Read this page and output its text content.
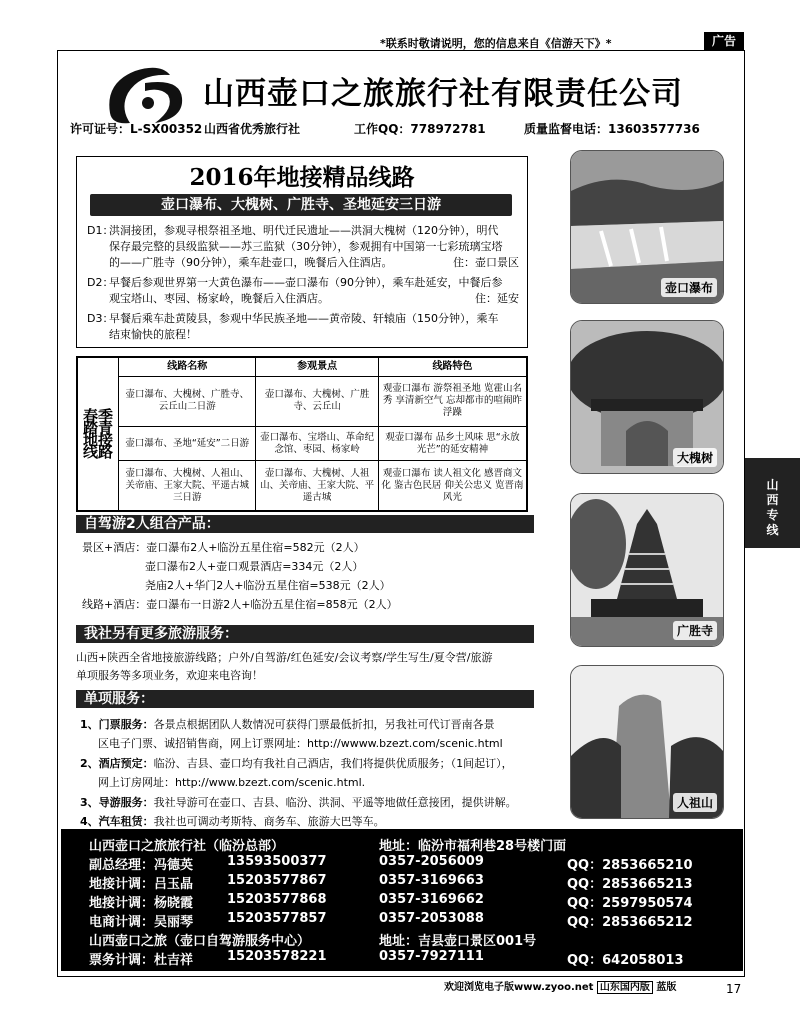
*联系时敬请说明，您的信息来自《信游天下》*	广告
山西壶口之旅旅行社有限责任公司
许可证号：L-SX00352 山西省优秀旅行社	工作QQ：778972781	质量监督电话：13603577736
2016年地接精品线路
壶口瀑布、大槐树、广胜寺、圣地延安三日游
D1：
洪洞接团，参观寻根祭祖圣地、明代迁民遗址——洪洞大槐树（120分钟），明代保存最完整的县级监狱——苏三监狱（30分钟），参观拥有中国第一七彩琉璃宝塔的——广胜寺（90分钟），乘车赴壶口，晚餐后入住酒店。	住：壶口景区
D2：
早餐后参观世界第一大黄色瀑布——壶口瀑布（90分钟），乘车赴延安，中餐后参观宝塔山、枣园、杨家岭，晚餐后入住酒店。	住：延安
D3：
早餐后乘车赴黄陵县，参观中华民族圣地——黄帝陵、轩辕庙（150分钟），乘车结束愉快的旅程！
春季踏青地接线路	线路名称	参观景点	线路特色
	壶口瀑布、大槐树、广胜寺、云丘山二日游	壶口瀑布、大槐树、广胜寺、云丘山	观壶口瀑布 游祭祖圣地 览霍山名秀 享清新空气 忘却都市的喧闹昨浮躁
	壶口瀑布、圣地“延安”二日游	壶口瀑布、宝塔山、革命纪念馆、枣园、杨家岭	观壶口瀑布 品乡土风味 思“永放光芒”的延安精神
	壶口瀑布、大槐树、人祖山、关帝庙、王家大院、平遥古城三日游	壶口瀑布、大槐树、人祖山、关帝庙、王家大院、平遥古城	观壶口瀑布 读人祖文化 感晋商文化 鉴古色民居 仰关公忠义 览晋南风光
自驾游2人组合产品：
景区+酒店：壶口瀑布2人+临汾五星住宿=582元（2人）
壶口瀑布2人+壶口观景酒店=334元（2人）
尧庙2人+华门2人+临汾五星住宿=538元（2人）
线路+酒店：壶口瀑布一日游2人+临汾五星住宿=858元（2人）
我社另有更多旅游服务：
山西+陕西全省地接旅游线路；户外/自驾游/红色延安/会议考察/学生写生/夏令营/旅游
单项服务等多项业务，欢迎来电咨询！
单项服务：
1、门票服务：各景点根据团队人数情况可获得门票最低折扣，另我社可代订晋南各景
区电子门票、诚招销售商，网上订票网址：http://wwww.bzezt.com/scenic.html
2、酒店预定：临汾、吉县、壶口均有我社自己酒店，我们将提供优质服务；（1间起订），
网上订房网址：http://www.bzezt.com/scenic.html.
3、导游服务：我社导游可在壶口、吉县、临汾、洪洞、平遥等地做任意接团，提供讲解。
4、汽车租赁：我社也可调动考斯特、商务车、旅游大巴等车。
壶口瀑布
大槐树
广胜寺
人祖山
山
西
专
线
山西壶口之旅旅行社（临汾总部）	地址：临汾市福利巷28号楼门面
副总经理：冯德英	13593500377	0357-2056009	QQ：2853665210
地接计调：吕玉晶	15203577867	0357-3169663	QQ：2853665213
地接计调：杨晓霞	15203577868	0357-3169662	QQ：2597950574
电商计调：吴丽琴	15203577857	0357-2053088	QQ：2853665212
山西壶口之旅（壶口自驾游服务中心）	地址：吉县壶口景区001号
票务计调：杜吉祥	15203578221	0357-7927111	QQ：642058013
欢迎浏览电子版www.zyoo.net 山东国内版 蓝版	17
